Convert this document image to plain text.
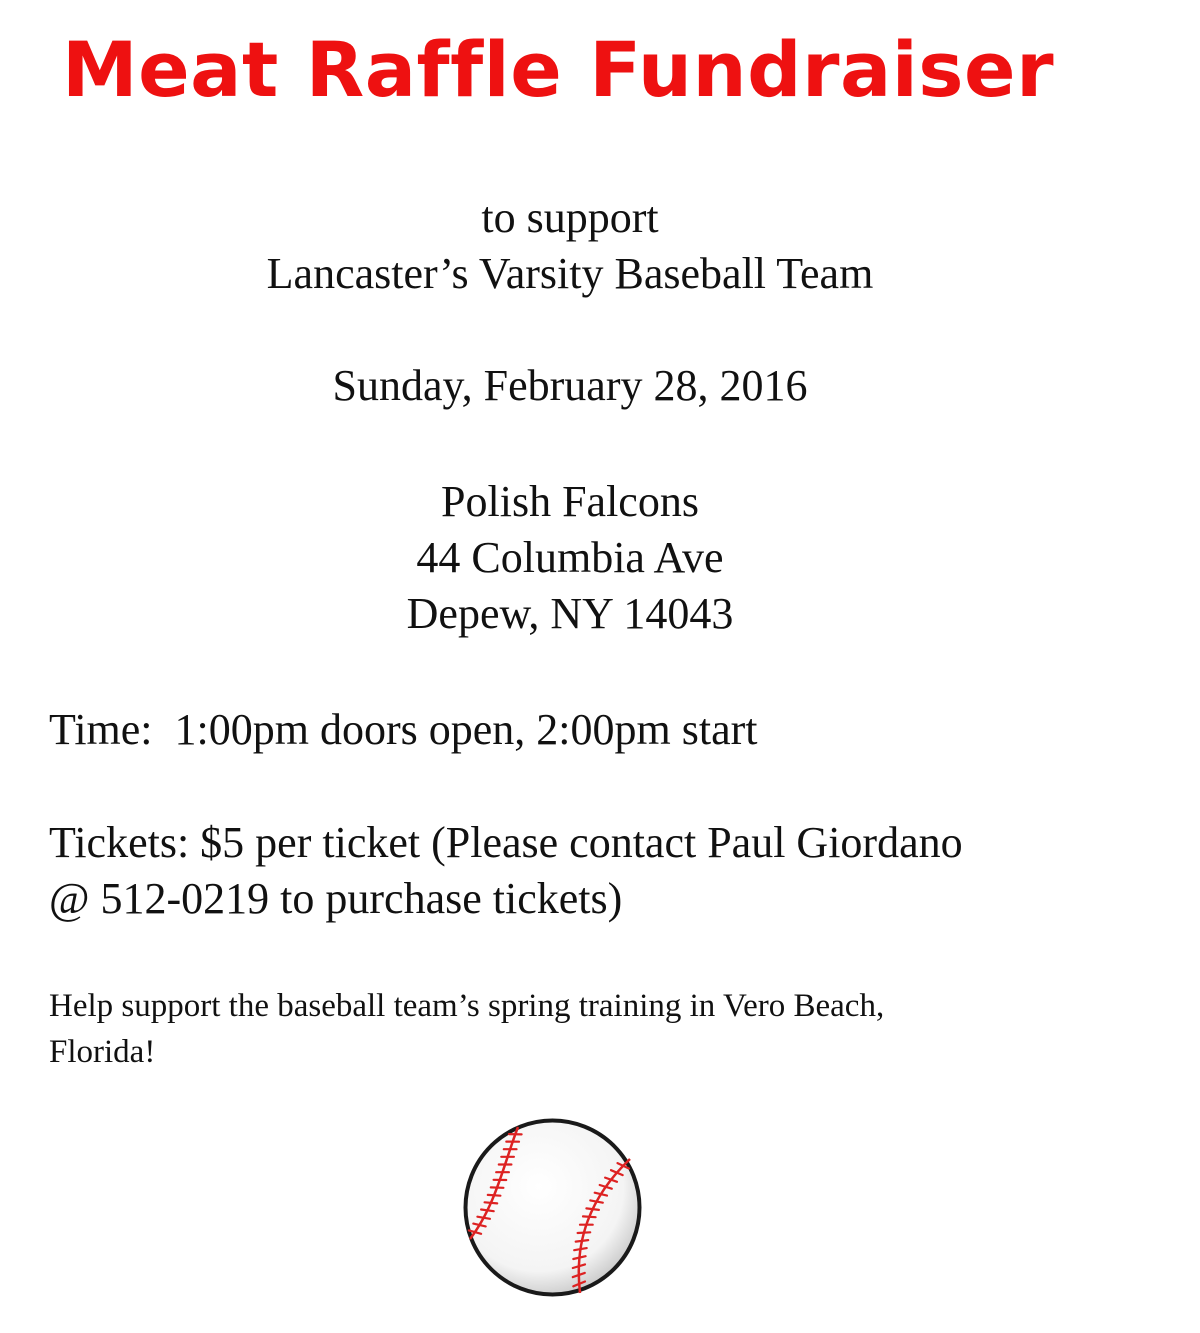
Meat Raffle Fundraiser
to support
Lancaster’s Varsity Baseball Team
Sunday, February 28, 2016
Polish Falcons
44 Columbia Ave
Depew, NY 14043
Time: 1:00pm doors open, 2:00pm start
Tickets: $5 per ticket (Please contact Paul Giordano
@ 512-0219 to purchase tickets)
Help support the baseball team’s spring training in Vero Beach,
Florida!
